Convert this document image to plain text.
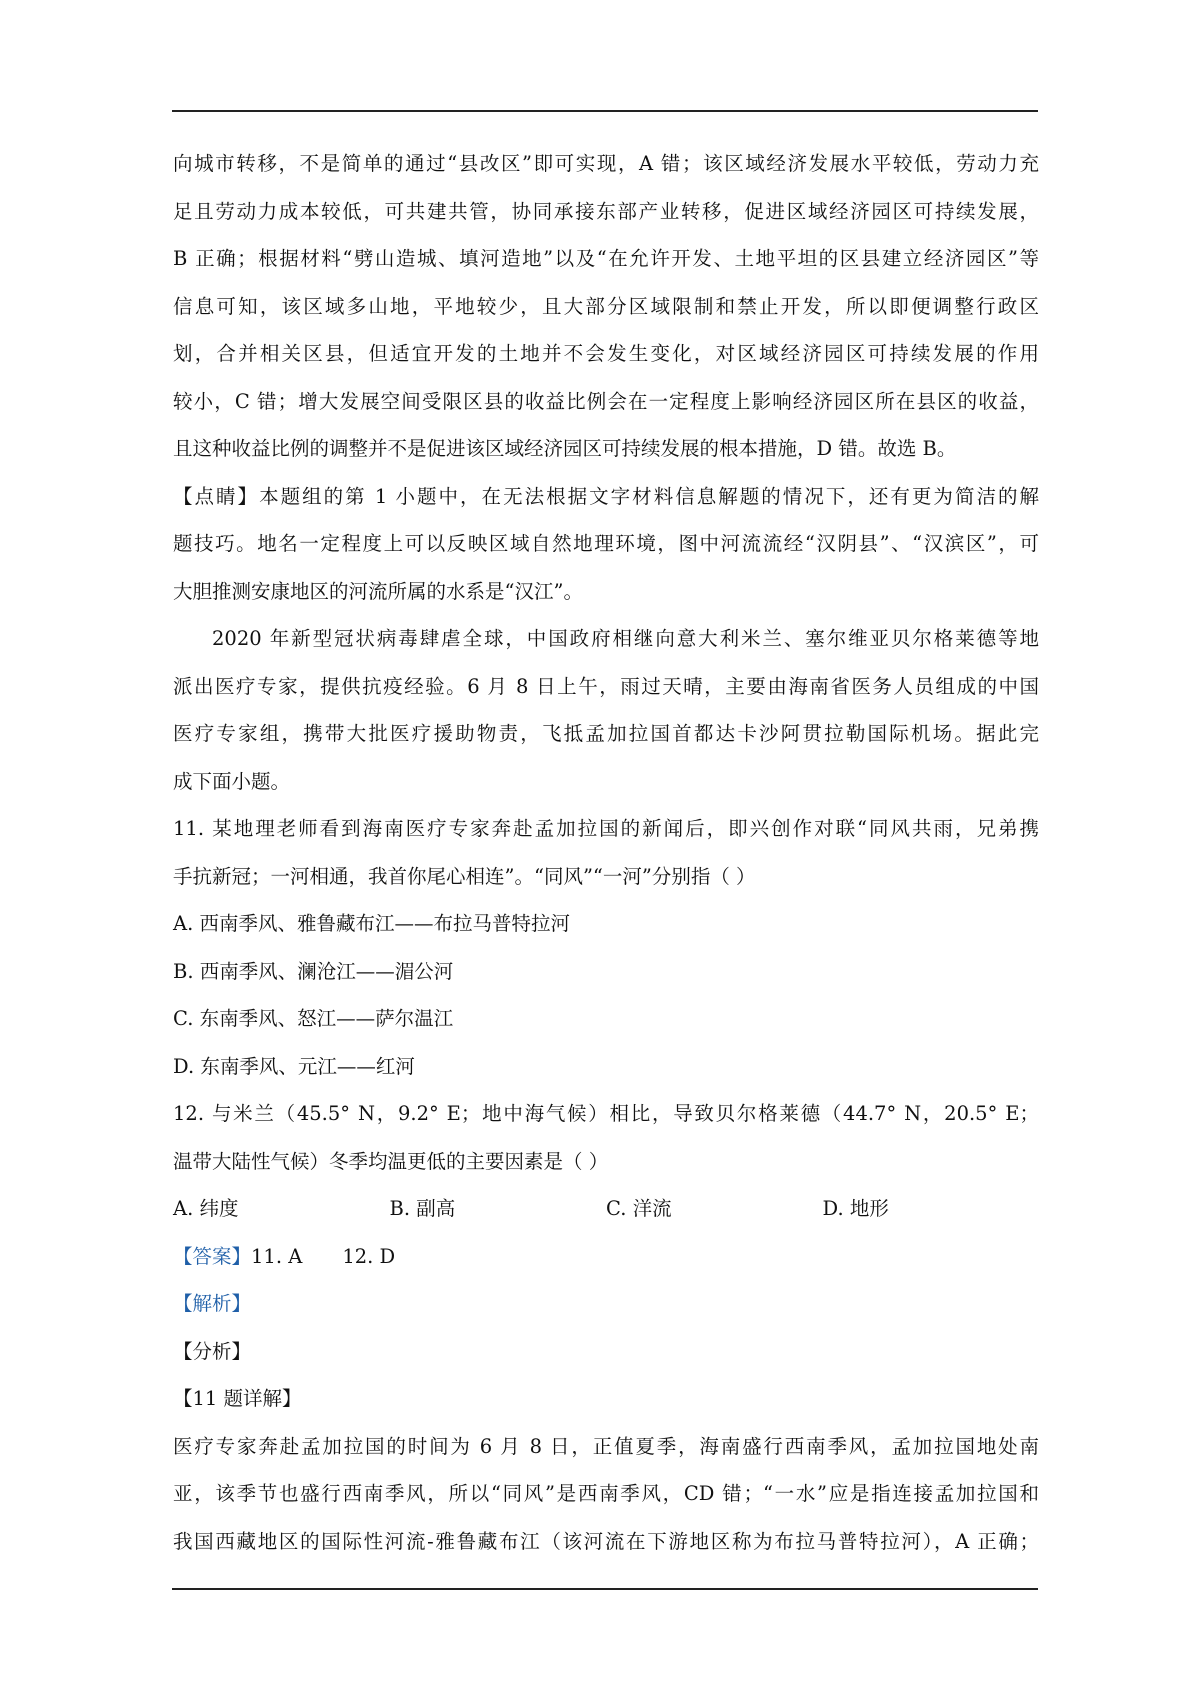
向城市转移，不是简单的通过“县改区”即可实现，A 错；该区域经济发展水平较低，劳动力充

足且劳动力成本较低，可共建共管，协同承接东部产业转移，促进区域经济园区可持续发展，

B 正确；根据材料“劈山造城、填河造地”以及“在允许开发、土地平坦的区县建立经济园区”等

信息可知，该区域多山地，平地较少，且大部分区域限制和禁止开发，所以即便调整行政区

划，合并相关区县，但适宜开发的土地并不会发生变化，对区域经济园区可持续发展的作用

较小，C 错；增大发展空间受限区县的收益比例会在一定程度上影响经济园区所在县区的收益，

且这种收益比例的调整并不是促进该区域经济园区可持续发展的根本措施，D 错。故选 B。

【点睛】本题组的第 1 小题中，在无法根据文字材料信息解题的情况下，还有更为简洁的解

题技巧。地名一定程度上可以反映区域自然地理环境，图中河流流经“汉阴县”、“汉滨区”，可

大胆推测安康地区的河流所属的水系是“汉江”。

2020 年新型冠状病毒肆虐全球，中国政府相继向意大利米兰、塞尔维亚贝尔格莱德等地

派出医疗专家，提供抗疫经验。6 月 8 日上午，雨过天晴，主要由海南省医务人员组成的中国

医疗专家组，携带大批医疗援助物责，飞抵孟加拉国首都达卡沙阿贯拉勒国际机场。据此完

成下面小题。

11. 某地理老师看到海南医疗专家奔赴孟加拉国的新闻后，即兴创作对联“同风共雨，兄弟携

手抗新冠；一河相通，我首你尾心相连”。“同风”“一河”分别指（ ）

A. 西南季风、雅鲁藏布江——布拉马普特拉河

B. 西南季风、澜沧江——湄公河

C. 东南季风、怒江——萨尔温江

D. 东南季风、元江——红河

12. 与米兰（45.5° N，9.2° E；地中海气候）相比，导致贝尔格莱德（44.7° N，20.5° E；

温带大陆性气候）冬季均温更低的主要因素是（ ）

A. 纬度	B. 副高	C. 洋流	D. 地形

【答案】11. A 12. D

【解析】

【分析】

【11 题详解】

医疗专家奔赴孟加拉国的时间为 6 月 8 日，正值夏季，海南盛行西南季风，孟加拉国地处南

亚，该季节也盛行西南季风，所以“同风”是西南季风，CD 错；“一水”应是指连接孟加拉国和

我国西藏地区的国际性河流-雅鲁藏布江（该河流在下游地区称为布拉马普特拉河），A 正确；
